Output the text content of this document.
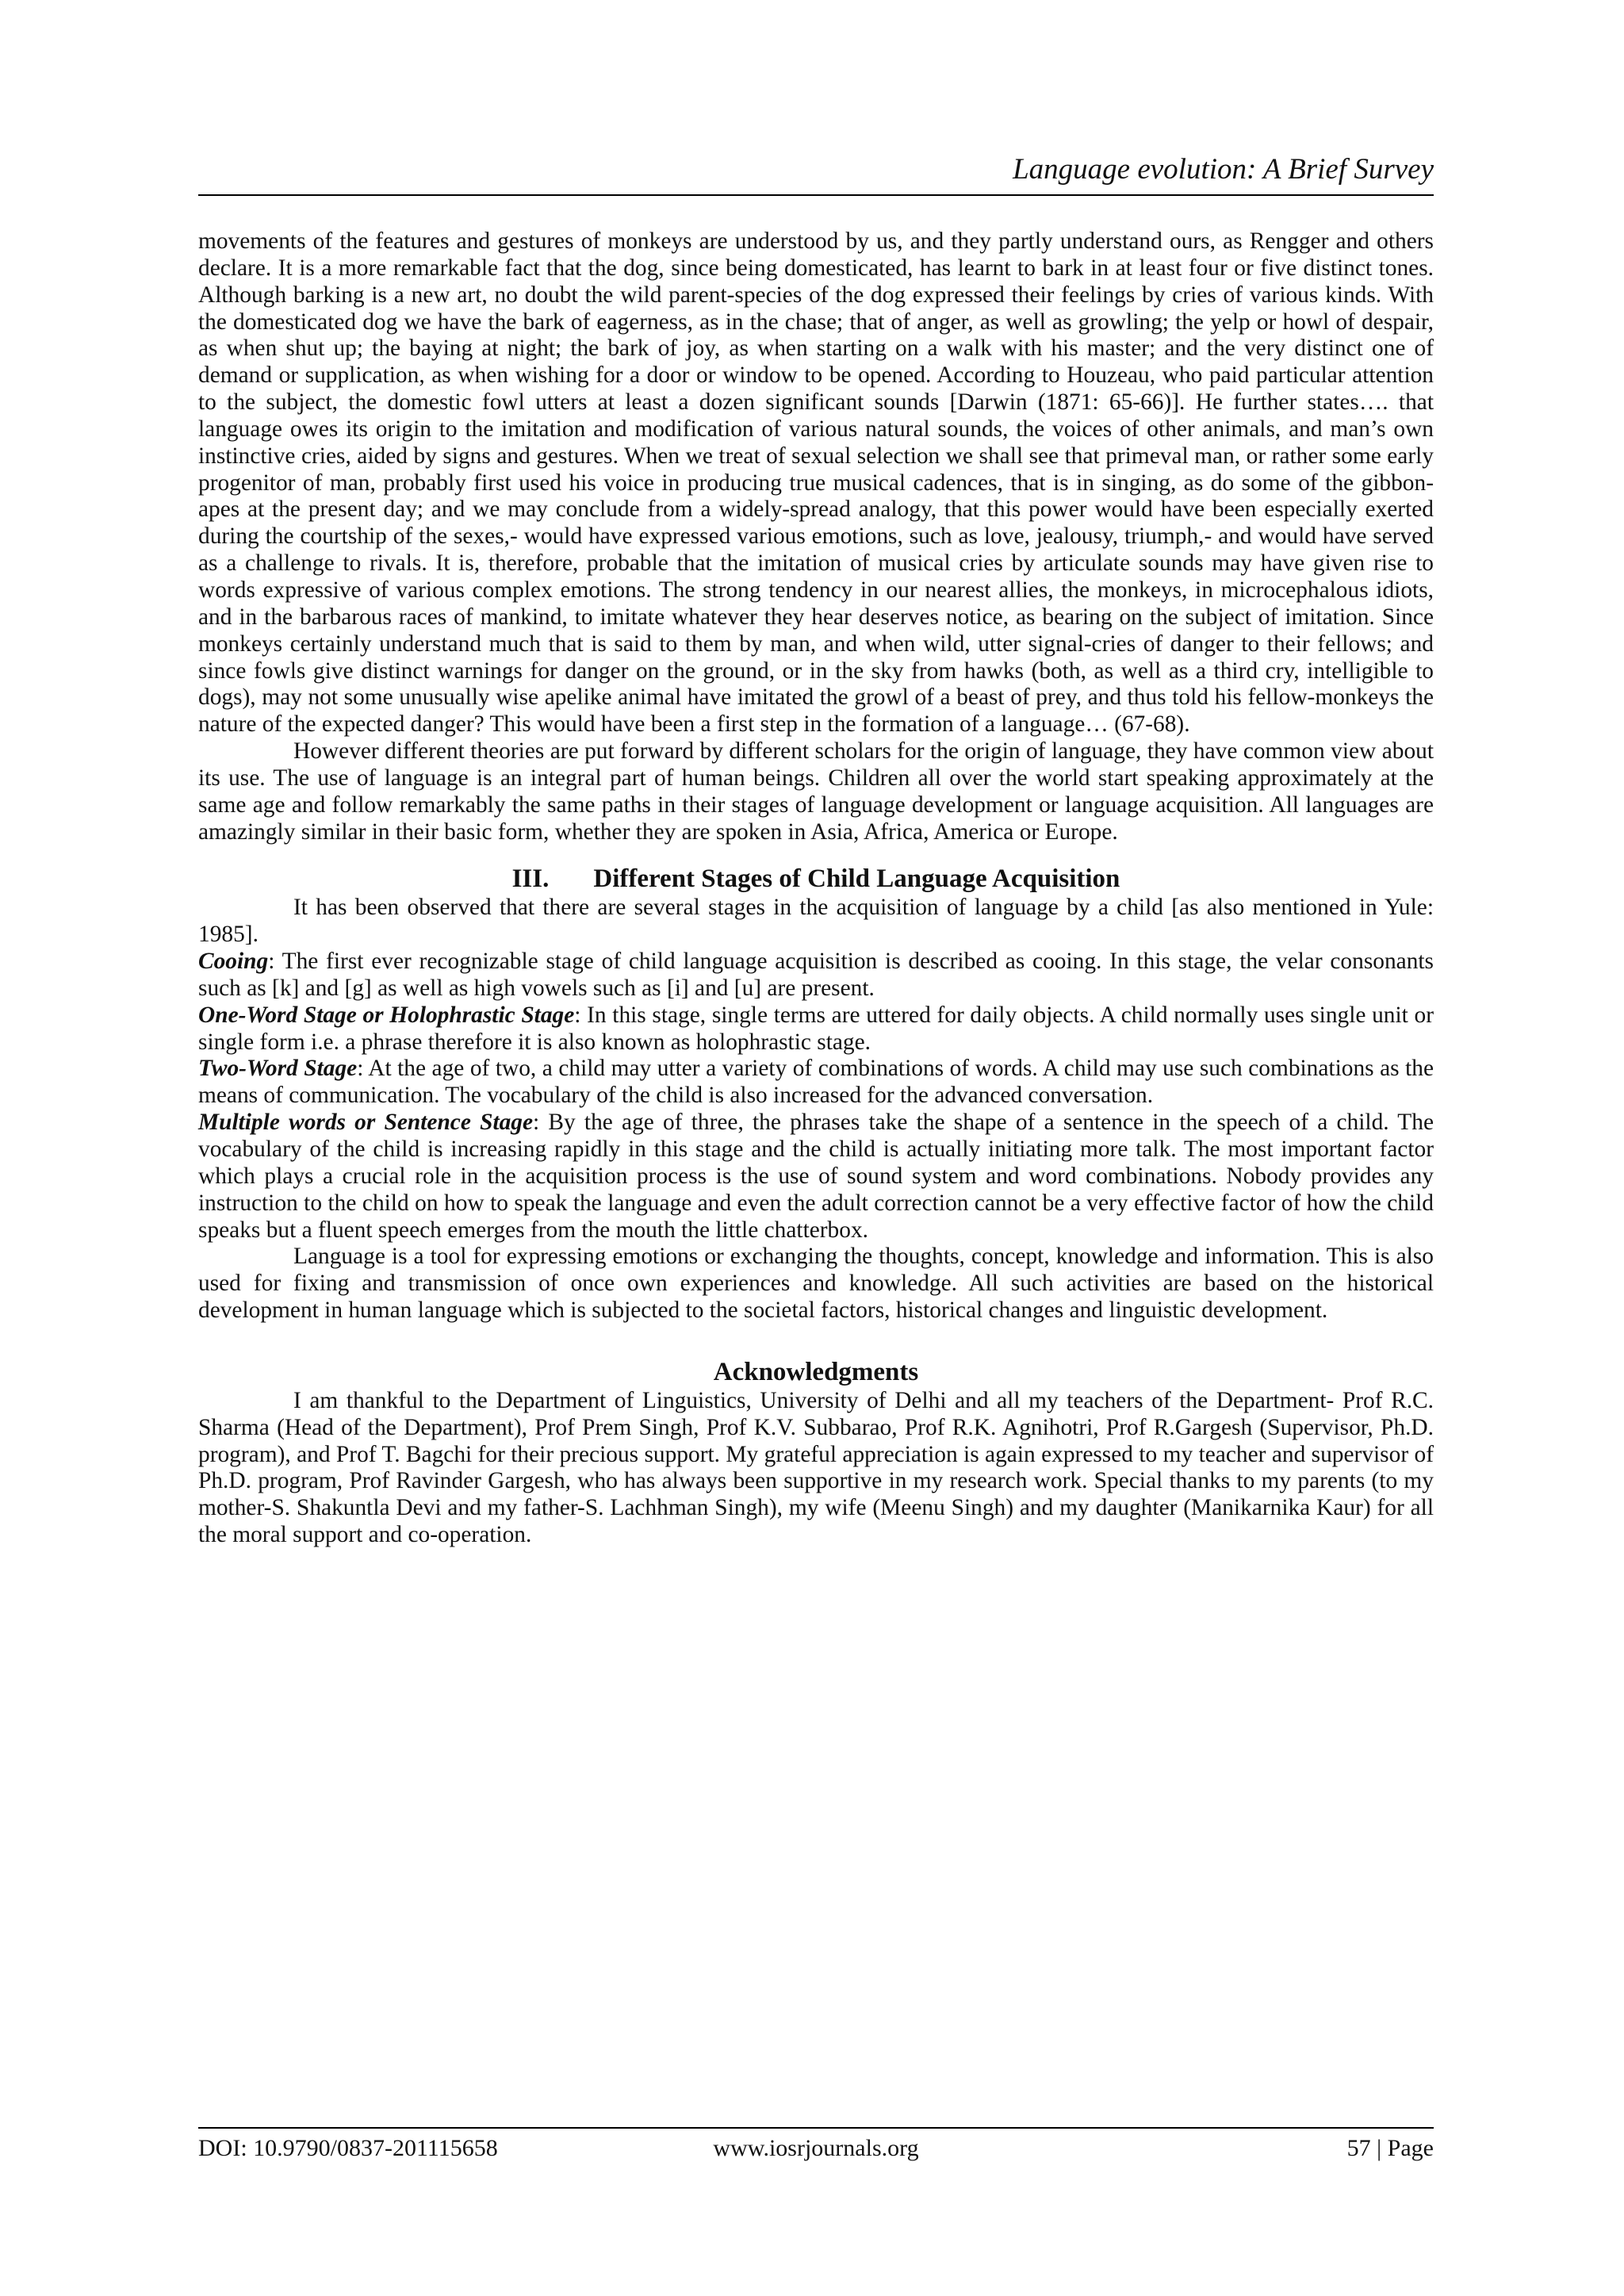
Language evolution: A Brief Survey

movements of the features and gestures of monkeys are understood by us, and they partly understand ours, as Rengger and others declare. It is a more remarkable fact that the dog, since being domesticated, has learnt to bark in at least four or five distinct tones. Although barking is a new art, no doubt the wild parent-species of the dog expressed their feelings by cries of various kinds. With the domesticated dog we have the bark of eagerness, as in the chase; that of anger, as well as growling; the yelp or howl of despair, as when shut up; the baying at night; the bark of joy, as when starting on a walk with his master; and the very distinct one of demand or supplication, as when wishing for a door or window to be opened. According to Houzeau, who paid particular attention to the subject, the domestic fowl utters at least a dozen significant sounds [Darwin (1871: 65-66)]. He further states…. that language owes its origin to the imitation and modification of various natural sounds, the voices of other animals, and man’s own instinctive cries, aided by signs and gestures. When we treat of sexual selection we shall see that primeval man, or rather some early progenitor of man, probably first used his voice in producing true musical cadences, that is in singing, as do some of the gibbon-apes at the present day; and we may conclude from a widely-spread analogy, that this power would have been especially exerted during the courtship of the sexes,- would have expressed various emotions, such as love, jealousy, triumph,- and would have served as a challenge to rivals. It is, therefore, probable that the imitation of musical cries by articulate sounds may have given rise to words expressive of various complex emotions. The strong tendency in our nearest allies, the monkeys, in microcephalous idiots, and in the barbarous races of mankind, to imitate whatever they hear deserves notice, as bearing on the subject of imitation. Since monkeys certainly understand much that is said to them by man, and when wild, utter signal-cries of danger to their fellows; and since fowls give distinct warnings for danger on the ground, or in the sky from hawks (both, as well as a third cry, intelligible to dogs), may not some unusually wise apelike animal have imitated the growl of a beast of prey, and thus told his fellow-monkeys the nature of the expected danger? This would have been a first step in the formation of a language… (67-68).

However different theories are put forward by different scholars for the origin of language, they have common view about its use. The use of language is an integral part of human beings. Children all over the world start speaking approximately at the same age and follow remarkably the same paths in their stages of language development or language acquisition. All languages are amazingly similar in their basic form, whether they are spoken in Asia, Africa, America or Europe.

III. Different Stages of Child Language Acquisition

It has been observed that there are several stages in the acquisition of language by a child [as also mentioned in Yule: 1985].

Cooing: The first ever recognizable stage of child language acquisition is described as cooing. In this stage, the velar consonants such as [k] and [g] as well as high vowels such as [i] and [u] are present.

One-Word Stage or Holophrastic Stage: In this stage, single terms are uttered for daily objects. A child normally uses single unit or single form i.e. a phrase therefore it is also known as holophrastic stage.

Two-Word Stage: At the age of two, a child may utter a variety of combinations of words. A child may use such combinations as the means of communication. The vocabulary of the child is also increased for the advanced conversation.

Multiple words or Sentence Stage: By the age of three, the phrases take the shape of a sentence in the speech of a child. The vocabulary of the child is increasing rapidly in this stage and the child is actually initiating more talk. The most important factor which plays a crucial role in the acquisition process is the use of sound system and word combinations. Nobody provides any instruction to the child on how to speak the language and even the adult correction cannot be a very effective factor of how the child speaks but a fluent speech emerges from the mouth the little chatterbox.

Language is a tool for expressing emotions or exchanging the thoughts, concept, knowledge and information. This is also used for fixing and transmission of once own experiences and knowledge. All such activities are based on the historical development in human language which is subjected to the societal factors, historical changes and linguistic development.

Acknowledgments

I am thankful to the Department of Linguistics, University of Delhi and all my teachers of the Department- Prof R.C. Sharma (Head of the Department), Prof Prem Singh, Prof K.V. Subbarao, Prof R.K. Agnihotri, Prof R.Gargesh (Supervisor, Ph.D. program), and Prof T. Bagchi for their precious support. My grateful appreciation is again expressed to my teacher and supervisor of Ph.D. program, Prof Ravinder Gargesh, who has always been supportive in my research work. Special thanks to my parents (to my mother-S. Shakuntla Devi and my father-S. Lachhman Singh), my wife (Meenu Singh) and my daughter (Manikarnika Kaur) for all the moral support and co-operation.

DOI: 10.9790/0837-201115658	www.iosrjournals.org	57 | Page
